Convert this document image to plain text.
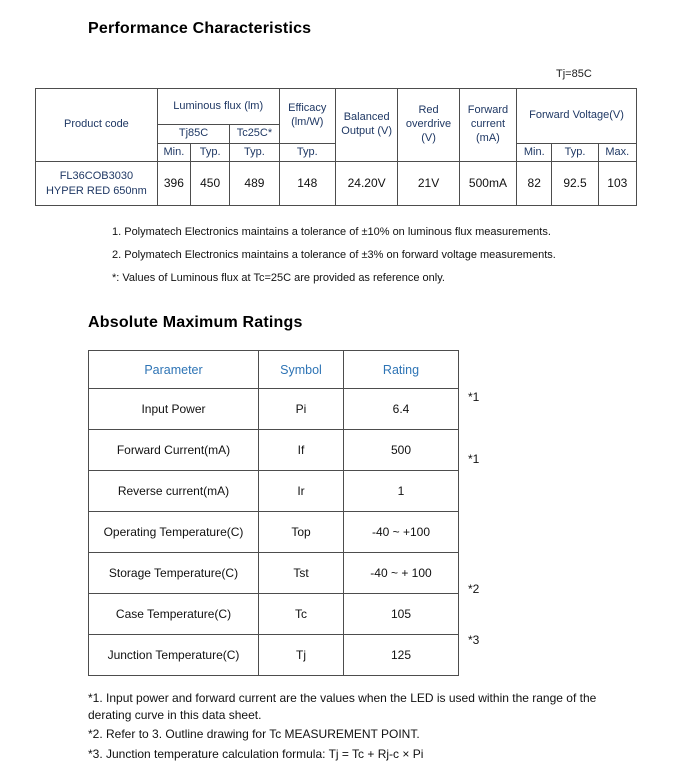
Performance Characteristics
Tj=85C
Product code	Luminous flux (lm)			Efficacy (lm/W)	Balanced Output (V)	Red overdrive (V)	Forward current (mA)	Forward Voltage(V)		
	Tj85C		Tc25C*							
	Min.	Typ.	Typ.	Typ.				Min.	Typ.	Max.

FL36COB3030
HYPER RED 650nm	396	450	489	148	24.20V	21V	500mA	82	92.5	103
1. Polymatech Electronics maintains a tolerance of ±10% on luminous flux measurements.
2. Polymatech Electronics maintains a tolerance of ±3% on forward voltage measurements.
*: Values of Luminous flux at Tc=25C are provided as reference only.
Absolute Maximum Ratings
Parameter	Symbol	Rating
Input Power	Pi	6.4
Forward Current(mA)	If	500
Reverse current(mA)	Ir	1
Operating Temperature(C)	Top	-40 ~ +100
Storage Temperature(C)	Tst	-40 ~ + 100
Case Temperature(C)	Tc	105
Junction Temperature(C)	Tj	125
*1
*1
*2
*3
*1. Input power and forward current are the values when the LED is used within the range of the derating curve in this data sheet.
*2. Refer to 3. Outline drawing for Tc MEASUREMENT POINT.
*3. Junction temperature calculation formula: Tj = Tc + Rj-c × Pi
